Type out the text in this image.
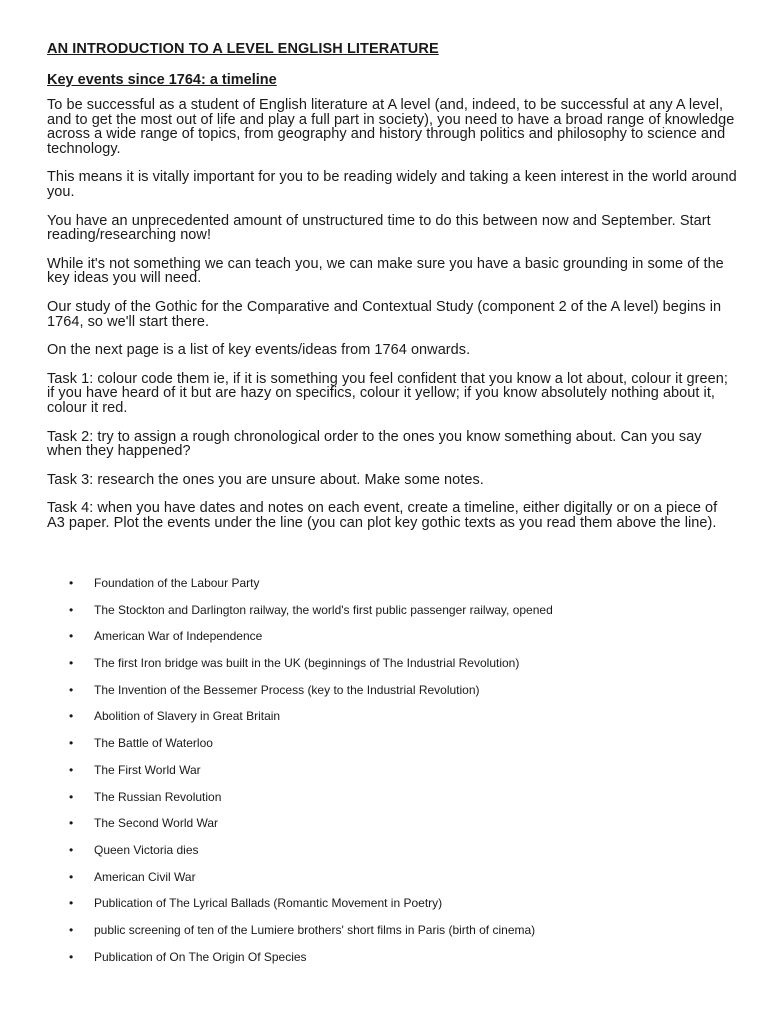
AN INTRODUCTION TO A LEVEL ENGLISH LITERATURE
Key events since 1764: a timeline

To be successful as a student of English literature at A level (and, indeed, to be successful at any A level, and to get the most out of life and play a full part in society), you need to have a broad range of knowledge across a wide range of topics, from geography and history through politics and philosophy to science and technology.

This means it is vitally important for you to be reading widely and taking a keen interest in the world around you.

You have an unprecedented amount of unstructured time to do this between now and September. Start reading/researching now!

While it's not something we can teach you, we can make sure you have a basic grounding in some of the key ideas you will need.

Our study of the Gothic for the Comparative and Contextual Study (component 2 of the A level) begins in 1764, so we'll start there.

On the next page is a list of key events/ideas from 1764 onwards.

Task 1: colour code them ie, if it is something you feel confident that you know a lot about, colour it green; if you have heard of it but are hazy on specifics, colour it yellow; if you know absolutely nothing about it, colour it red.

Task 2: try to assign a rough chronological order to the ones you know something about. Can you say when they happened?

Task 3: research the ones you are unsure about. Make some notes.

Task 4: when you have dates and notes on each event, create a timeline, either digitally or on a piece of A3 paper. Plot the events under the line (you can plot key gothic texts as you read them above the line).

• Foundation of the Labour Party
• The Stockton and Darlington railway, the world's first public passenger railway, opened
• American War of Independence
• The first Iron bridge was built in the UK (beginnings of The Industrial Revolution)
• The Invention of the Bessemer Process (key to the Industrial Revolution)
• Abolition of Slavery in Great Britain
• The Battle of Waterloo
• The First World War
• The Russian Revolution
• The Second World War
• Queen Victoria dies
• American Civil War
• Publication of The Lyrical Ballads (Romantic Movement in Poetry)
• public screening of ten of the Lumiere brothers' short films in Paris (birth of cinema)
• Publication of On The Origin Of Species
